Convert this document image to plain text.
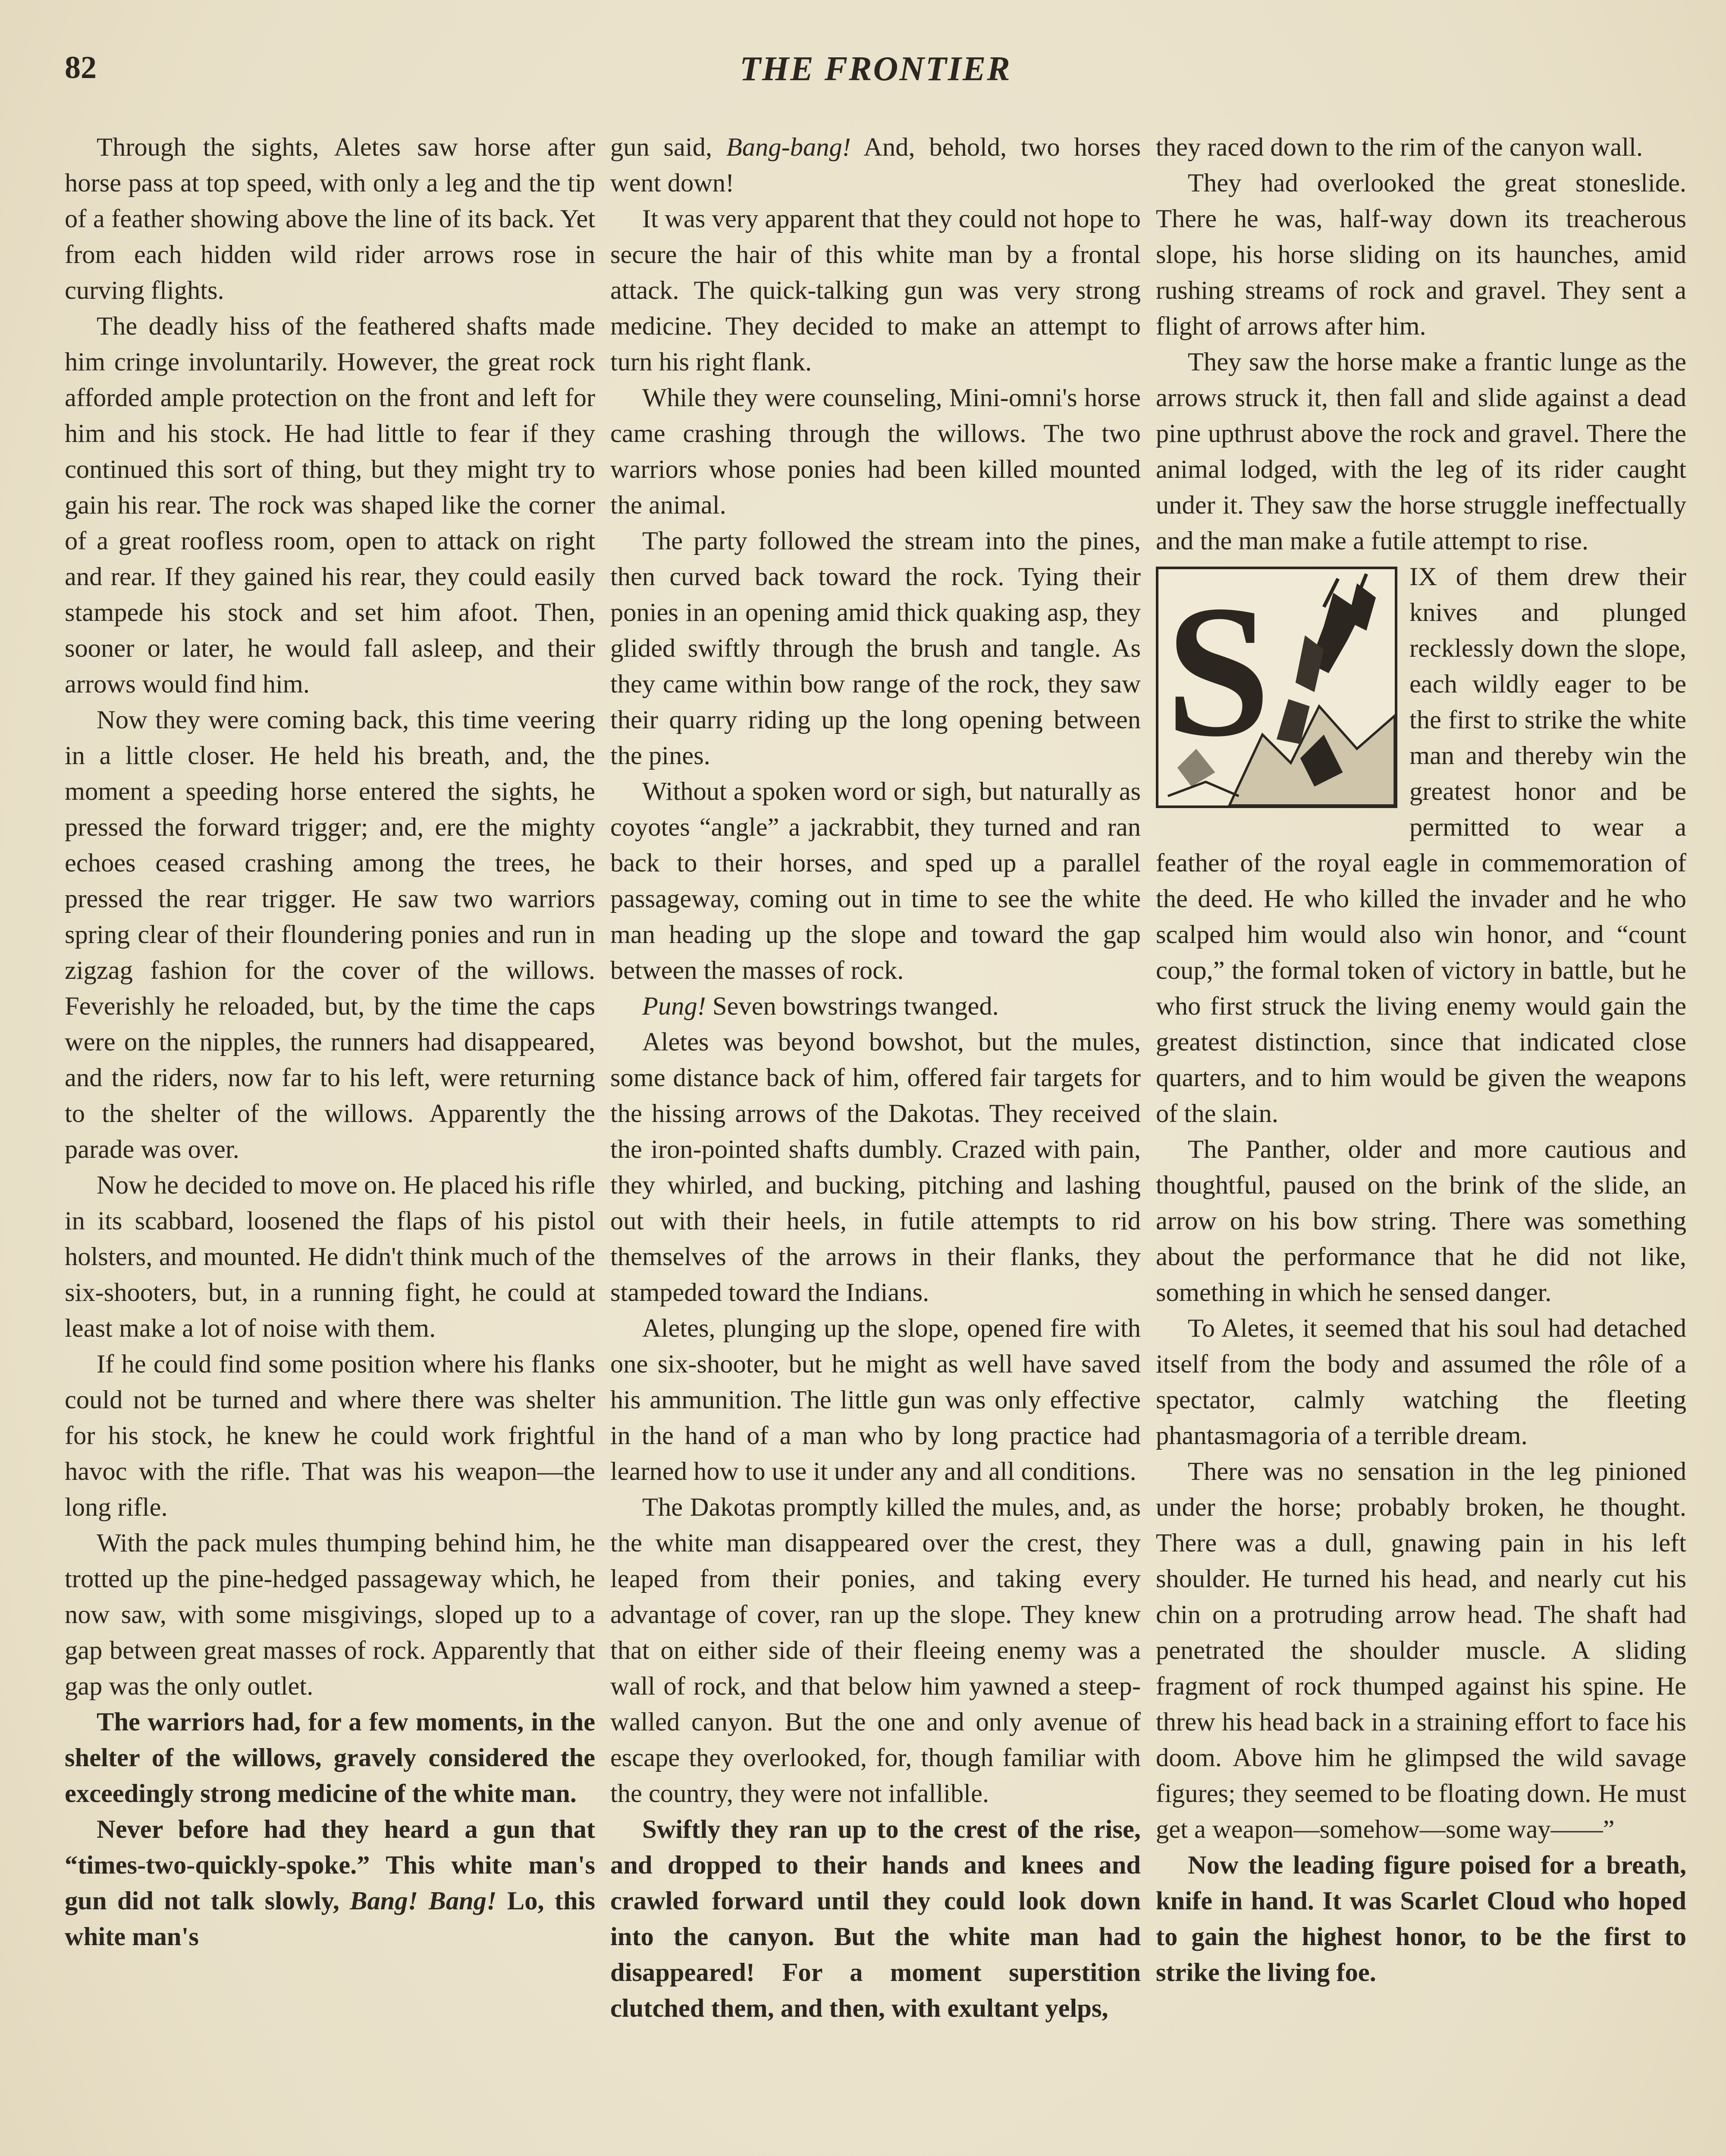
82	THE FRONTIER

Through the sights, Aletes saw horse after horse pass at top speed, with only a leg and the tip of a feather showing above the line of its back. Yet from each hidden wild rider arrows rose in curving flights.

The deadly hiss of the feathered shafts made him cringe involuntarily. However, the great rock afforded ample protection on the front and left for him and his stock. He had little to fear if they continued this sort of thing, but they might try to gain his rear. The rock was shaped like the corner of a great roofless room, open to attack on right and rear. If they gained his rear, they could easily stampede his stock and set him afoot. Then, sooner or later, he would fall asleep, and their arrows would find him.

Now they were coming back, this time veering in a little closer. He held his breath, and, the moment a speeding horse entered the sights, he pressed the forward trigger; and, ere the mighty echoes ceased crashing among the trees, he pressed the rear trigger. He saw two warriors spring clear of their floundering ponies and run in zigzag fashion for the cover of the willows. Feverishly he reloaded, but, by the time the caps were on the nipples, the runners had disappeared, and the riders, now far to his left, were returning to the shelter of the willows. Apparently the parade was over.

Now he decided to move on. He placed his rifle in its scabbard, loosened the flaps of his pistol holsters, and mounted. He didn't think much of the six-shooters, but, in a running fight, he could at least make a lot of noise with them.

If he could find some position where his flanks could not be turned and where there was shelter for his stock, he knew he could work frightful havoc with the rifle. That was his weapon—the long rifle.

With the pack mules thumping behind him, he trotted up the pine-hedged passageway which, he now saw, with some misgivings, sloped up to a gap between great masses of rock. Apparently that gap was the only outlet.

The warriors had, for a few moments, in the shelter of the willows, gravely considered the exceedingly strong medicine of the white man.

Never before had they heard a gun that “times-two-quickly-spoke.” This white man's gun did not talk slowly, Bang! Bang! Lo, this white man's

gun said, Bang-bang! And, behold, two horses went down!

It was very apparent that they could not hope to secure the hair of this white man by a frontal attack. The quick-talking gun was very strong medicine. They decided to make an attempt to turn his right flank.

While they were counseling, Mini-omni's horse came crashing through the willows. The two warriors whose ponies had been killed mounted the animal.

The party followed the stream into the pines, then curved back toward the rock. Tying their ponies in an opening amid thick quaking asp, they glided swiftly through the brush and tangle. As they came within bow range of the rock, they saw their quarry riding up the long opening between the pines.

Without a spoken word or sigh, but naturally as coyotes “angle” a jackrabbit, they turned and ran back to their horses, and sped up a parallel passageway, coming out in time to see the white man heading up the slope and toward the gap between the masses of rock.

Pung! Seven bowstrings twanged.

Aletes was beyond bowshot, but the mules, some distance back of him, offered fair targets for the hissing arrows of the Dakotas. They received the iron-pointed shafts dumbly. Crazed with pain, they whirled, and bucking, pitching and lashing out with their heels, in futile attempts to rid themselves of the arrows in their flanks, they stampeded toward the Indians.

Aletes, plunging up the slope, opened fire with one six-shooter, but he might as well have saved his ammunition. The little gun was only effective in the hand of a man who by long practice had learned how to use it under any and all conditions.

The Dakotas promptly killed the mules, and, as the white man disappeared over the crest, they leaped from their ponies, and taking every advantage of cover, ran up the slope. They knew that on either side of their fleeing enemy was a wall of rock, and that below him yawned a steep-walled canyon. But the one and only avenue of escape they overlooked, for, though familiar with the country, they were not infallible.

Swiftly they ran up to the crest of the rise, and dropped to their hands and knees and crawled forward until they could look down into the canyon. But the white man had disappeared! For a moment superstition clutched them, and then, with exultant yelps,

they raced down to the rim of the canyon wall.

They had overlooked the great stoneslide. There he was, half-way down its treacherous slope, his horse sliding on its haunches, amid rushing streams of rock and gravel. They sent a flight of arrows after him.

They saw the horse make a frantic lunge as the arrows struck it, then fall and slide against a dead pine upthrust above the rock and gravel. There the animal lodged, with the leg of its rider caught under it. They saw the horse struggle ineffectually and the man make a futile attempt to rise.

S	IX of them drew their knives and plunged recklessly down the slope, each wildly eager to be the first to strike the white man and thereby win the greatest honor and be permitted to wear a feather of the royal eagle in commemoration of the deed. He who killed the invader and he who scalped him would also win honor, and “count coup,” the formal token of victory in battle, but he who first struck the living enemy would gain the greatest distinction, since that indicated close quarters, and to him would be given the weapons of the slain.

The Panther, older and more cautious and thoughtful, paused on the brink of the slide, an arrow on his bow string. There was something about the performance that he did not like, something in which he sensed danger.

To Aletes, it seemed that his soul had detached itself from the body and assumed the rôle of a spectator, calmly watching the fleeting phantasmagoria of a terrible dream.

There was no sensation in the leg pinioned under the horse; probably broken, he thought. There was a dull, gnawing pain in his left shoulder. He turned his head, and nearly cut his chin on a protruding arrow head. The shaft had penetrated the shoulder muscle. A sliding fragment of rock thumped against his spine. He threw his head back in a straining effort to face his doom. Above him he glimpsed the wild savage figures; they seemed to be floating down. He must get a weapon—somehow—some way——”

Now the leading figure poised for a breath, knife in hand. It was Scarlet Cloud who hoped to gain the highest honor, to be the first to strike the living foe.
